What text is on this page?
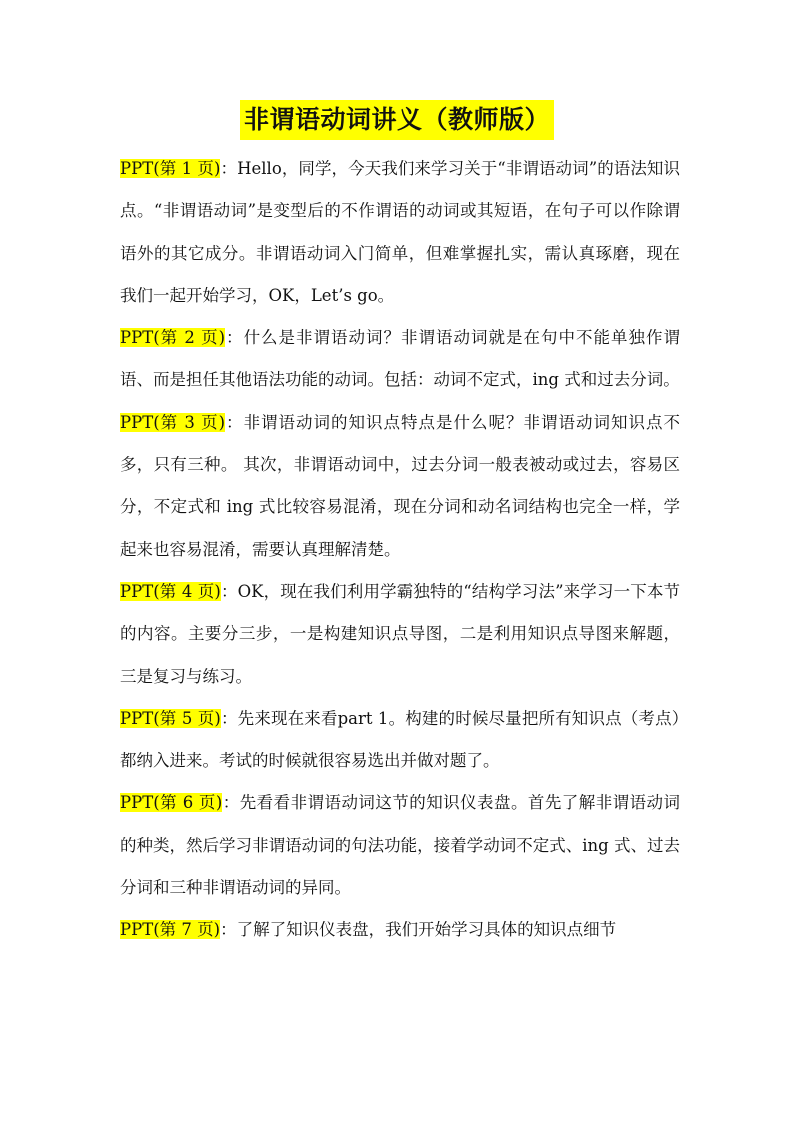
非谓语动词讲义（教师版）

PPT(第 1 页)：Hello，同学，今天我们来学习关于“非谓语动词”的语法知识点。“非谓语动词”是变型后的不作谓语的动词或其短语，在句子可以作除谓语外的其它成分。非谓语动词入门简单，但难掌握扎实，需认真琢磨，现在我们一起开始学习，OK，Let’s go。

PPT(第 2 页)：什么是非谓语动词？非谓语动词就是在句中不能单独作谓语、而是担任其他语法功能的动词。包括：动词不定式，ing 式和过去分词。

PPT(第 3 页)：非谓语动词的知识点特点是什么呢？非谓语动词知识点不多，只有三种。 其次，非谓语动词中，过去分词一般表被动或过去，容易区分，不定式和 ing 式比较容易混淆，现在分词和动名词结构也完全一样，学起来也容易混淆，需要认真理解清楚。

PPT(第 4 页)：OK，现在我们利用学霸独特的“结构学习法”来学习一下本节的内容。主要分三步，一是构建知识点导图，二是利用知识点导图来解题，三是复习与练习。

PPT(第 5 页)：先来现在来看part 1。构建的时候尽量把所有知识点（考点）都纳入进来。考试的时候就很容易选出并做对题了。

PPT(第 6 页)：先看看非谓语动词这节的知识仪表盘。首先了解非谓语动词的种类，然后学习非谓语动词的句法功能，接着学动词不定式、ing 式、过去分词和三种非谓语动词的异同。

PPT(第 7 页)：了解了知识仪表盘，我们开始学习具体的知识点细节
